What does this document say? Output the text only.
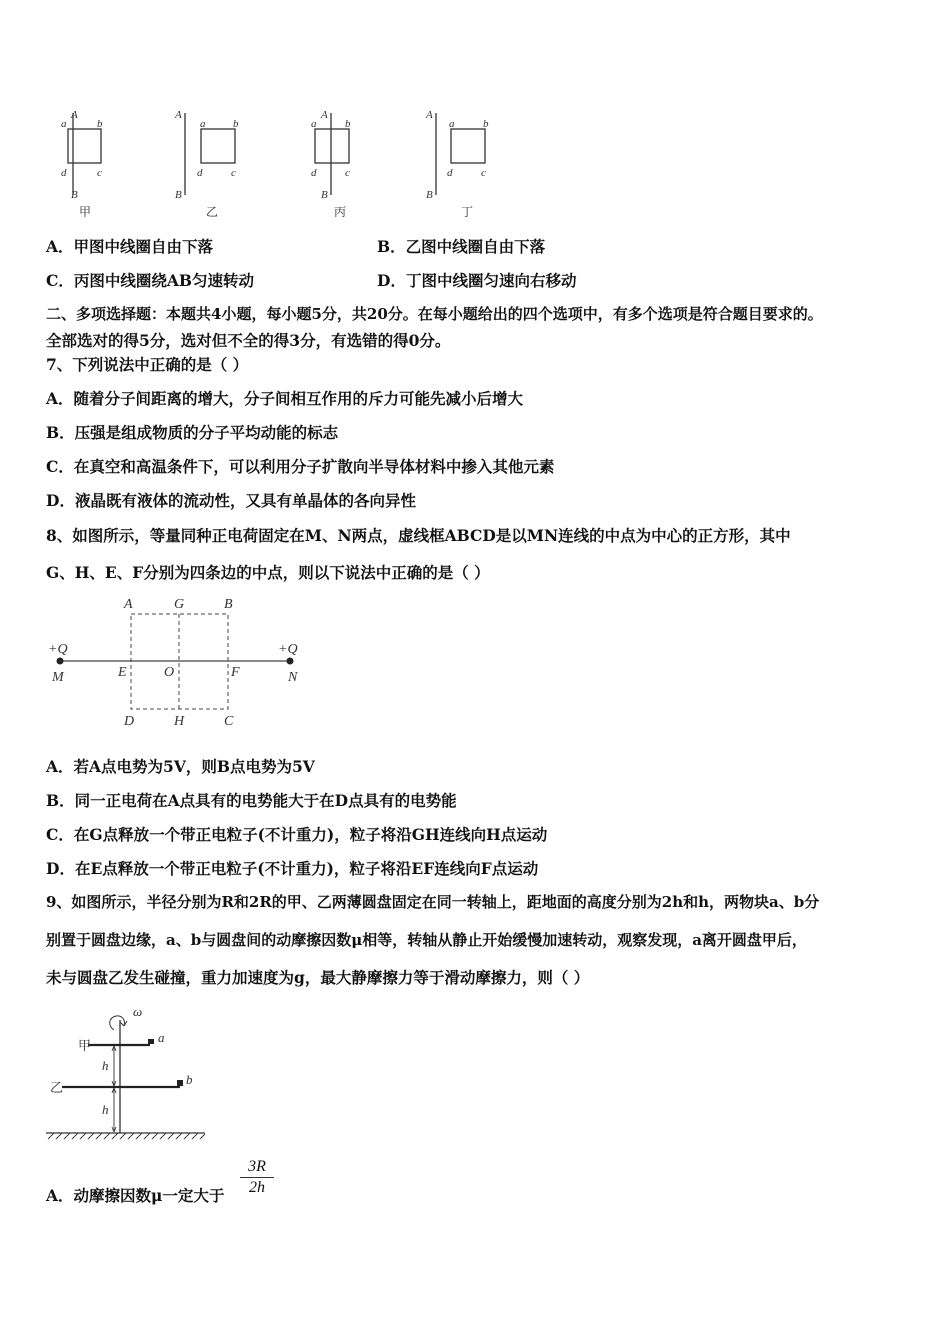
A
a	b
d	c
B
甲
A
a	b
d	c
B
乙
A
a	b
d	c
B
丙
A
a	b
d	c
B
丁
A．甲图中线圈自由下落	B．乙图中线圈自由下落
C．丙图中线圈绕AB匀速转动	D．丁图中线圈匀速向右移动
二、多项选择题：本题共4小题，每小题5分，共20分。在每小题给出的四个选项中，有多个选项是符合题目要求的。
全部选对的得5分，选对但不全的得3分，有选错的得0分。
7、下列说法中正确的是（ ）
A．随着分子间距离的增大，分子间相互作用的斥力可能先减小后增大
B．压强是组成物质的分子平均动能的标志
C．在真空和高温条件下，可以利用分子扩散向半导体材料中掺入其他元素
D．液晶既有液体的流动性，又具有单晶体的各向异性
8、如图所示，等量同种正电荷固定在M、N两点，虚线框ABCD是以MN连线的中点为中心的正方形，其中
G、H、E、F分别为四条边的中点，则以下说法中正确的是（ ）
A	G	B
+Q	+Q
M	E	O	F	N
D	H	C
A．若A点电势为5V，则B点电势为5V
B．同一正电荷在A点具有的电势能大于在D点具有的电势能
C．在G点释放一个带正电粒子(不计重力)，粒子将沿GH连线向H点运动
D．在E点释放一个带正电粒子(不计重力)，粒子将沿EF连线向F点运动
9、如图所示，半径分别为R和2R的甲、乙两薄圆盘固定在同一转轴上，距地面的高度分别为2h和h，两物块a、b分
别置于圆盘边缘，a、b与圆盘间的动摩擦因数μ相等，转轴从静止开始缓慢加速转动，观察发现，a离开圆盘甲后，
未与圆盘乙发生碰撞，重力加速度为g，最大静摩擦力等于滑动摩擦力，则（ ）
ω
甲
a
乙
b
h
h
A．动摩擦因数μ一定大于 $\frac{3R}{2h}$
